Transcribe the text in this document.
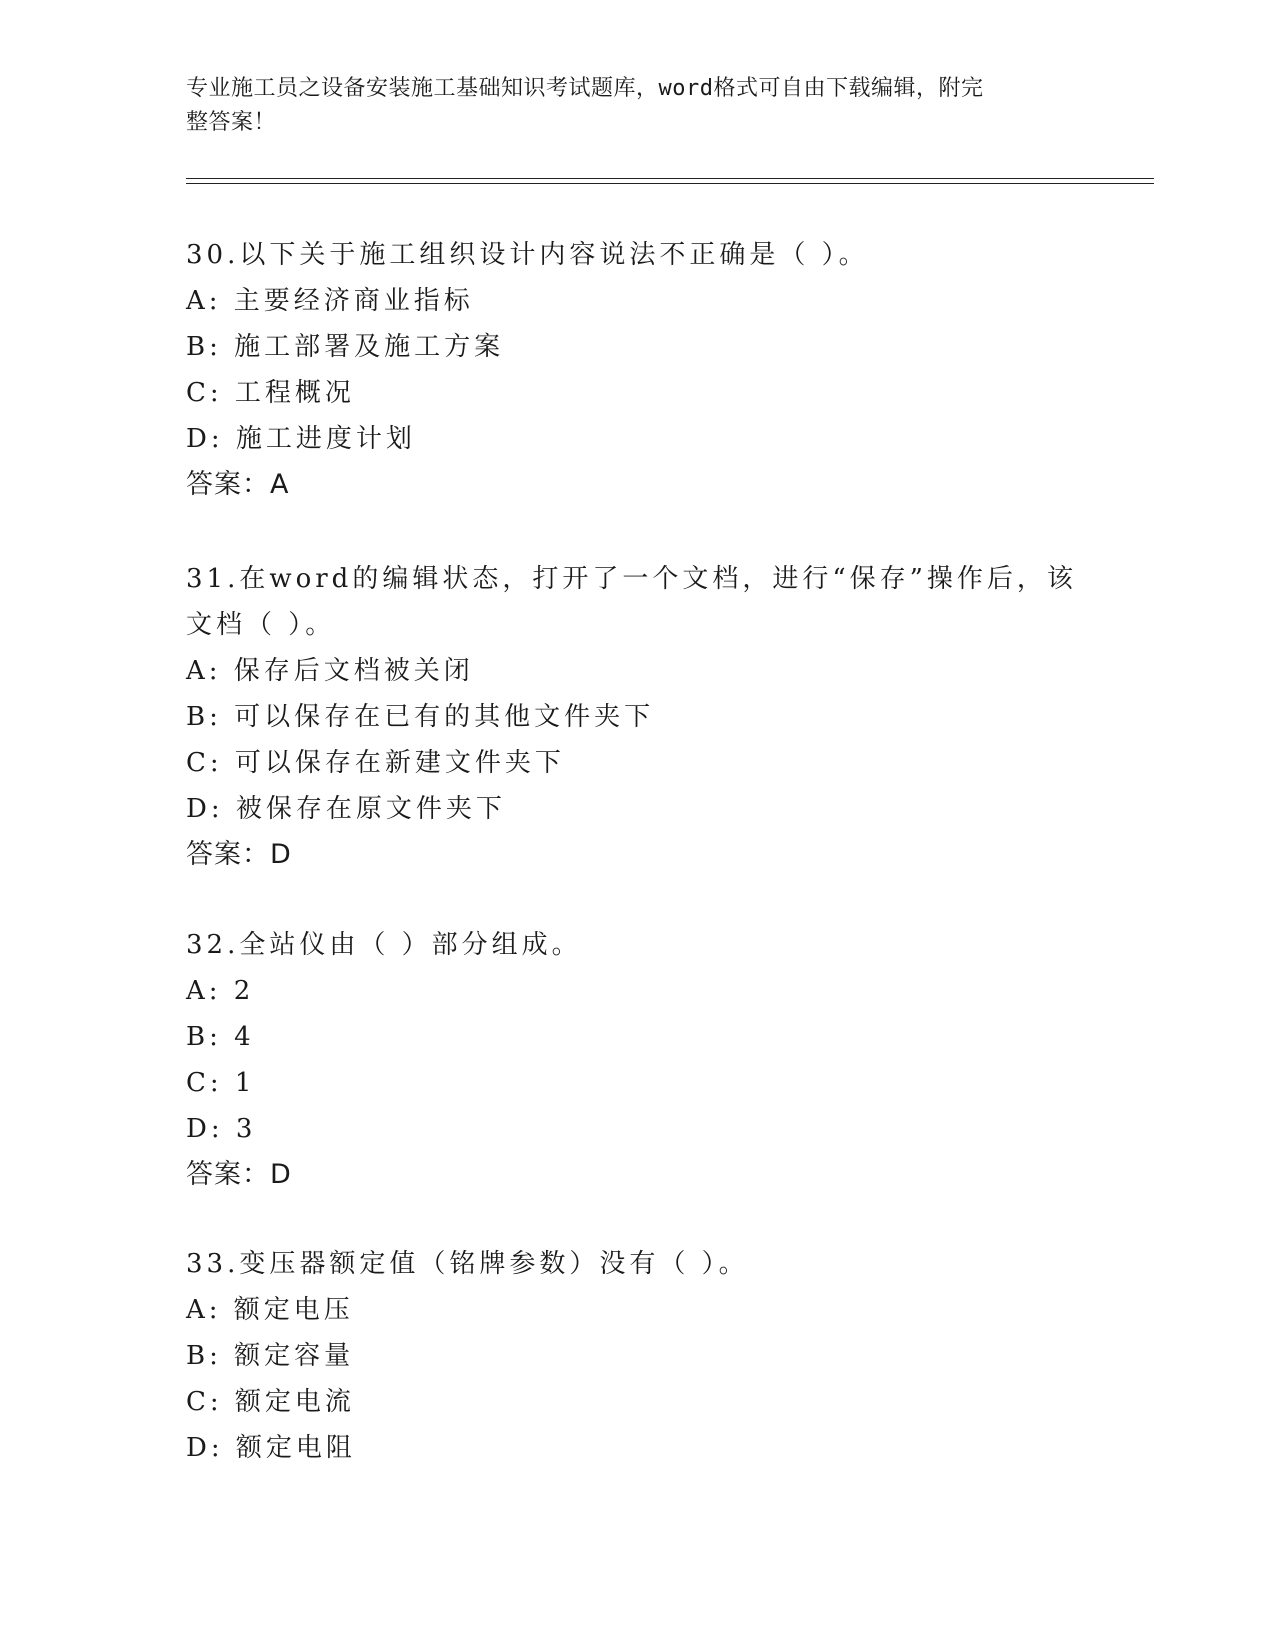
专业施工员之设备安装施工基础知识考试题库，word格式可自由下载编辑，附完
整答案！

30.以下关于施工组织设计内容说法不正确是（ ）。

A: 主要经济商业指标

B: 施工部署及施工方案

C: 工程概况

D: 施工进度计划

答案：A

31.在word的编辑状态，打开了一个文档，进行“保存”操作后，该

文档（ ）。

A: 保存后文档被关闭

B: 可以保存在已有的其他文件夹下

C: 可以保存在新建文件夹下

D: 被保存在原文件夹下

答案：D

32.全站仪由（ ）部分组成。

A: 2

B: 4

C: 1

D: 3

答案：D

33.变压器额定值（铭牌参数）没有（ ）。

A: 额定电压

B: 额定容量

C: 额定电流

D: 额定电阻
